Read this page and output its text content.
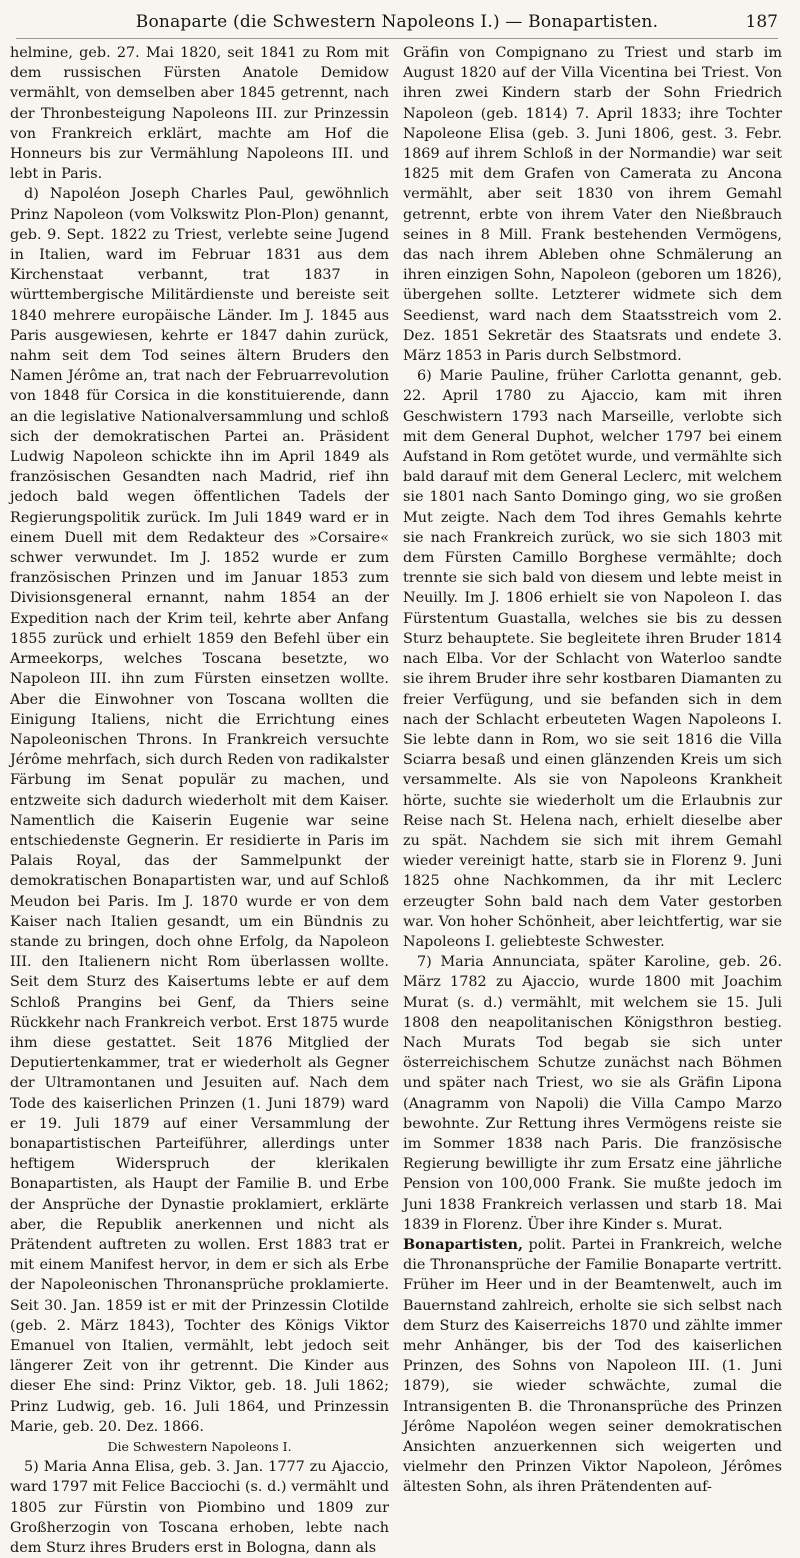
Bonaparte (die Schwestern Napoleons I.) — Bonapartisten.	187

helmine, geb. 27. Mai 1820, seit 1841 zu Rom mit dem russischen Fürsten Anatole Demidow vermählt, von demselben aber 1845 getrennt, nach der Thronbesteigung Napoleons III. zur Prinzessin von Frankreich erklärt, machte am Hof die Honneurs bis zur Vermählung Napoleons III. und lebt in Paris.

d) Napoléon Joseph Charles Paul, gewöhnlich Prinz Napoleon (vom Volkswitz Plon-Plon) genannt, geb. 9. Sept. 1822 zu Triest, verlebte seine Jugend in Italien, ward im Februar 1831 aus dem Kirchenstaat verbannt, trat 1837 in württembergische Militärdienste und bereiste seit 1840 mehrere europäische Länder. Im J. 1845 aus Paris ausgewiesen, kehrte er 1847 dahin zurück, nahm seit dem Tod seines ältern Bruders den Namen Jérôme an, trat nach der Februarrevolution von 1848 für Corsica in die konstituierende, dann an die legislative Nationalversammlung und schloß sich der demokratischen Partei an. Präsident Ludwig Napoleon schickte ihn im April 1849 als französischen Gesandten nach Madrid, rief ihn jedoch bald wegen öffentlichen Tadels der Regierungspolitik zurück. Im Juli 1849 ward er in einem Duell mit dem Redakteur des »Corsaire« schwer verwundet. Im J. 1852 wurde er zum französischen Prinzen und im Januar 1853 zum Divisionsgeneral ernannt, nahm 1854 an der Expedition nach der Krim teil, kehrte aber Anfang 1855 zurück und erhielt 1859 den Befehl über ein Armeekorps, welches Toscana besetzte, wo Napoleon III. ihn zum Fürsten einsetzen wollte. Aber die Einwohner von Toscana wollten die Einigung Italiens, nicht die Errichtung eines Napoleonischen Throns. In Frankreich versuchte Jérôme mehrfach, sich durch Reden von radikalster Färbung im Senat populär zu machen, und entzweite sich dadurch wiederholt mit dem Kaiser. Namentlich die Kaiserin Eugenie war seine entschiedenste Gegnerin. Er residierte in Paris im Palais Royal, das der Sammelpunkt der demokratischen Bonapartisten war, und auf Schloß Meudon bei Paris. Im J. 1870 wurde er von dem Kaiser nach Italien gesandt, um ein Bündnis zu stande zu bringen, doch ohne Erfolg, da Napoleon III. den Italienern nicht Rom überlassen wollte. Seit dem Sturz des Kaisertums lebte er auf dem Schloß Prangins bei Genf, da Thiers seine Rückkehr nach Frankreich verbot. Erst 1875 wurde ihm diese gestattet. Seit 1876 Mitglied der Deputiertenkammer, trat er wiederholt als Gegner der Ultramontanen und Jesuiten auf. Nach dem Tode des kaiserlichen Prinzen (1. Juni 1879) ward er 19. Juli 1879 auf einer Versammlung der bonapartistischen Parteiführer, allerdings unter heftigem Widerspruch der klerikalen Bonapartisten, als Haupt der Familie B. und Erbe der Ansprüche der Dynastie proklamiert, erklärte aber, die Republik anerkennen und nicht als Prätendent auftreten zu wollen. Erst 1883 trat er mit einem Manifest hervor, in dem er sich als Erbe der Napoleonischen Thronansprüche proklamierte. Seit 30. Jan. 1859 ist er mit der Prinzessin Clotilde (geb. 2. März 1843), Tochter des Königs Viktor Emanuel von Italien, vermählt, lebt jedoch seit längerer Zeit von ihr getrennt. Die Kinder aus dieser Ehe sind: Prinz Viktor, geb. 18. Juli 1862; Prinz Ludwig, geb. 16. Juli 1864, und Prinzessin Marie, geb. 20. Dez. 1866.

Die Schwestern Napoleons I.

5) Maria Anna Elisa, geb. 3. Jan. 1777 zu Ajaccio, ward 1797 mit Felice Bacciochi (s. d.) vermählt und 1805 zur Fürstin von Piombino und 1809 zur Großherzogin von Toscana erhoben, lebte nach dem Sturz ihres Bruders erst in Bologna, dann als

Gräfin von Compignano zu Triest und starb im August 1820 auf der Villa Vicentina bei Triest. Von ihren zwei Kindern starb der Sohn Friedrich Napoleon (geb. 1814) 7. April 1833; ihre Tochter Napoleone Elisa (geb. 3. Juni 1806, gest. 3. Febr. 1869 auf ihrem Schloß in der Normandie) war seit 1825 mit dem Grafen von Camerata zu Ancona vermählt, aber seit 1830 von ihrem Gemahl getrennt, erbte von ihrem Vater den Nießbrauch seines in 8 Mill. Frank bestehenden Vermögens, das nach ihrem Ableben ohne Schmälerung an ihren einzigen Sohn, Napoleon (geboren um 1826), übergehen sollte. Letzterer widmete sich dem Seedienst, ward nach dem Staatsstreich vom 2. Dez. 1851 Sekretär des Staatsrats und endete 3. März 1853 in Paris durch Selbstmord.

6) Marie Pauline, früher Carlotta genannt, geb. 22. April 1780 zu Ajaccio, kam mit ihren Geschwistern 1793 nach Marseille, verlobte sich mit dem General Duphot, welcher 1797 bei einem Aufstand in Rom getötet wurde, und vermählte sich bald darauf mit dem General Leclerc, mit welchem sie 1801 nach Santo Domingo ging, wo sie großen Mut zeigte. Nach dem Tod ihres Gemahls kehrte sie nach Frankreich zurück, wo sie sich 1803 mit dem Fürsten Camillo Borghese vermählte; doch trennte sie sich bald von diesem und lebte meist in Neuilly. Im J. 1806 erhielt sie von Napoleon I. das Fürstentum Guastalla, welches sie bis zu dessen Sturz behauptete. Sie begleitete ihren Bruder 1814 nach Elba. Vor der Schlacht von Waterloo sandte sie ihrem Bruder ihre sehr kostbaren Diamanten zu freier Verfügung, und sie befanden sich in dem nach der Schlacht erbeuteten Wagen Napoleons I. Sie lebte dann in Rom, wo sie seit 1816 die Villa Sciarra besaß und einen glänzenden Kreis um sich versammelte. Als sie von Napoleons Krankheit hörte, suchte sie wiederholt um die Erlaubnis zur Reise nach St. Helena nach, erhielt dieselbe aber zu spät. Nachdem sie sich mit ihrem Gemahl wieder vereinigt hatte, starb sie in Florenz 9. Juni 1825 ohne Nachkommen, da ihr mit Leclerc erzeugter Sohn bald nach dem Vater gestorben war. Von hoher Schönheit, aber leichtfertig, war sie Napoleons I. geliebteste Schwester.

7) Maria Annunciata, später Karoline, geb. 26. März 1782 zu Ajaccio, wurde 1800 mit Joachim Murat (s. d.) vermählt, mit welchem sie 15. Juli 1808 den neapolitanischen Königsthron bestieg. Nach Murats Tod begab sie sich unter österreichischem Schutze zunächst nach Böhmen und später nach Triest, wo sie als Gräfin Lipona (Anagramm von Napoli) die Villa Campo Marzo bewohnte. Zur Rettung ihres Vermögens reiste sie im Sommer 1838 nach Paris. Die französische Regierung bewilligte ihr zum Ersatz eine jährliche Pension von 100,000 Frank. Sie mußte jedoch im Juni 1838 Frankreich verlassen und starb 18. Mai 1839 in Florenz. Über ihre Kinder s. Murat.

Bonapartisten, polit. Partei in Frankreich, welche die Thronansprüche der Familie Bonaparte vertritt. Früher im Heer und in der Beamtenwelt, auch im Bauernstand zahlreich, erholte sie sich selbst nach dem Sturz des Kaiserreichs 1870 und zählte immer mehr Anhänger, bis der Tod des kaiserlichen Prinzen, des Sohns von Napoleon III. (1. Juni 1879), sie wieder schwächte, zumal die Intransigenten B. die Thronansprüche des Prinzen Jérôme Napoléon wegen seiner demokratischen Ansichten anzuerkennen sich weigerten und vielmehr den Prinzen Viktor Napoleon, Jérômes ältesten Sohn, als ihren Prätendenten auf-
